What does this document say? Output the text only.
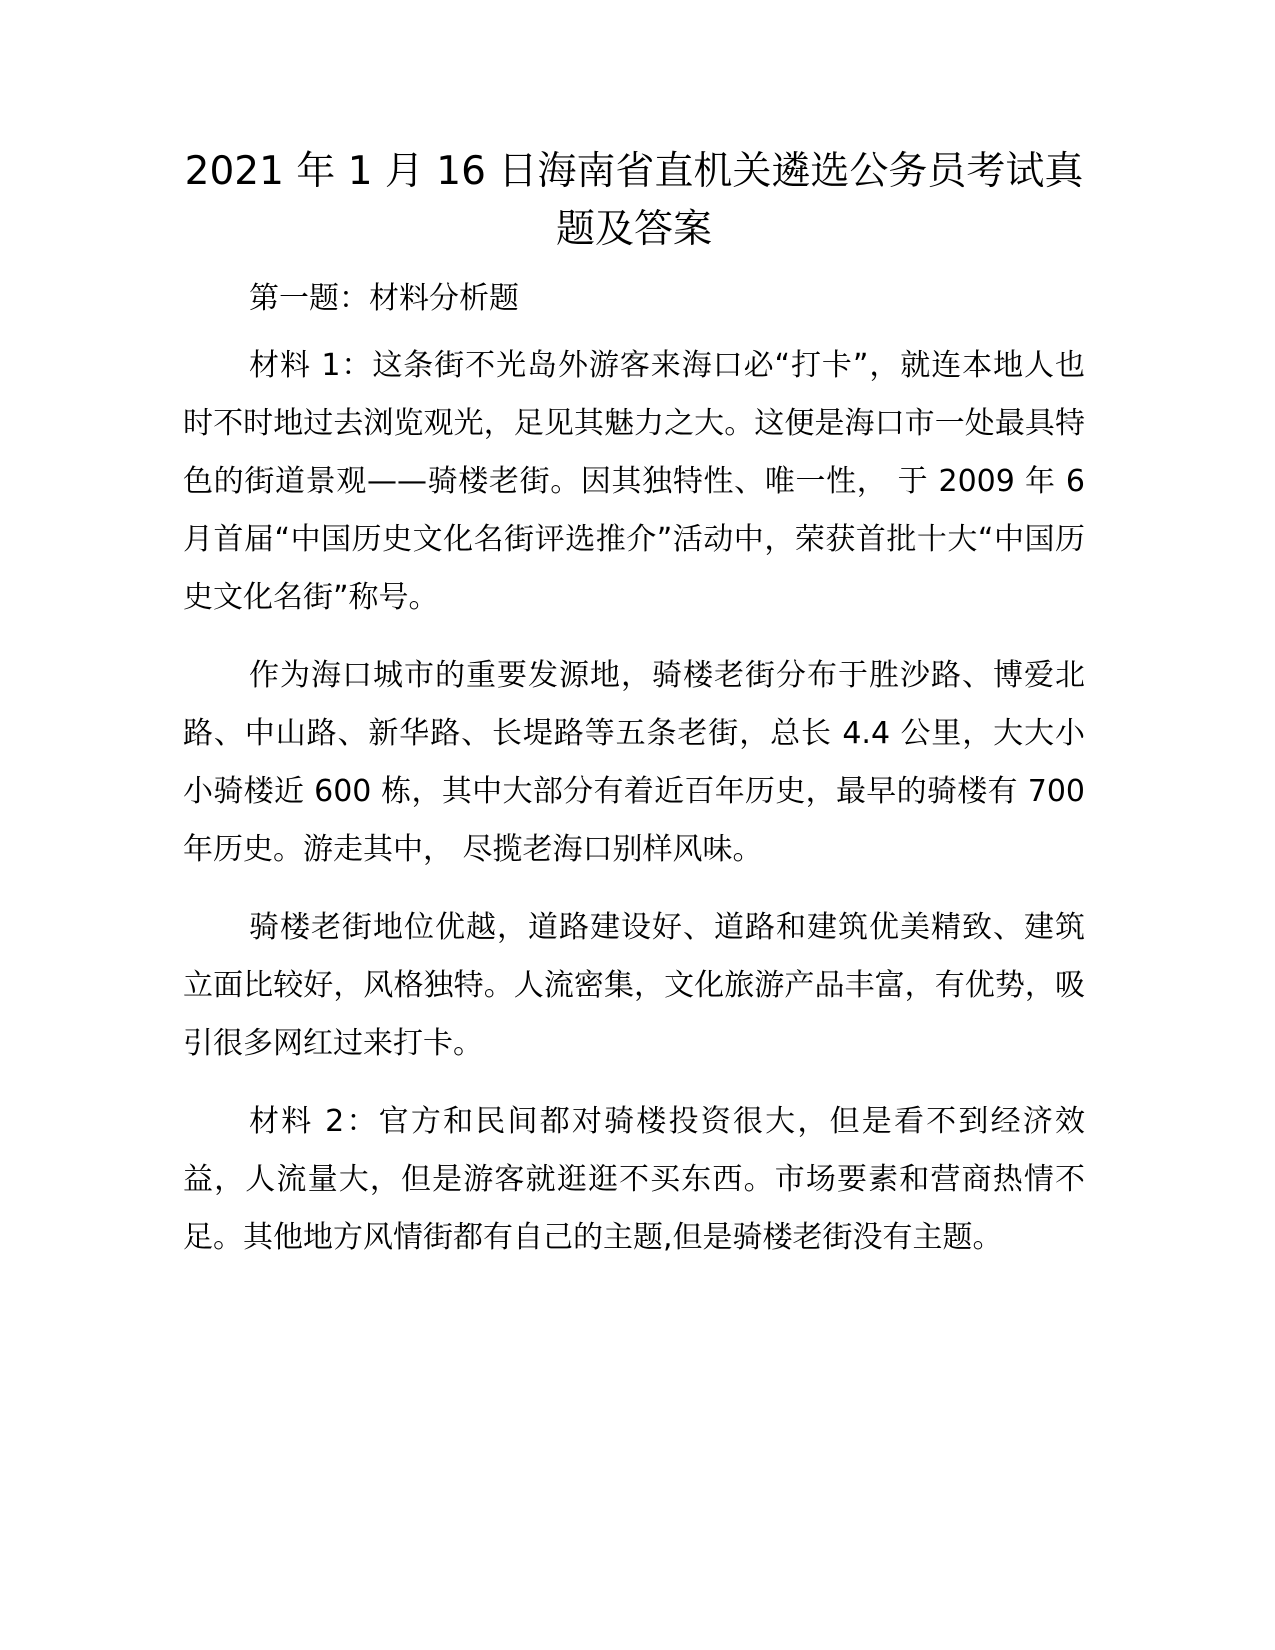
2021 年 1 月 16 日海南省直机关遴选公务员考试真题及答案

第一题：材料分析题

材料 1：这条街不光岛外游客来海口必“打卡”，就连本地人也时不时地过去浏览观光，足见其魅力之大。这便是海口市一处最具特色的街道景观——骑楼老街。因其独特性、唯一性， 于 2009 年 6 月首届“中国历史文化名街评选推介”活动中，荣获首批十大“中国历史文化名街”称号。

作为海口城市的重要发源地，骑楼老街分布于胜沙路、博爱北路、中山路、新华路、长堤路等五条老街，总长 4.4 公里，大大小小骑楼近 600 栋，其中大部分有着近百年历史，最早的骑楼有 700 年历史。游走其中， 尽揽老海口别样风味。

骑楼老街地位优越，道路建设好、道路和建筑优美精致、建筑立面比较好，风格独特。人流密集，文化旅游产品丰富，有优势，吸引很多网红过来打卡。

材料 2：官方和民间都对骑楼投资很大，但是看不到经济效益，人流量大，但是游客就逛逛不买东西。市场要素和营商热情不足。其他地方风情街都有自己的主题,但是骑楼老街没有主题。
